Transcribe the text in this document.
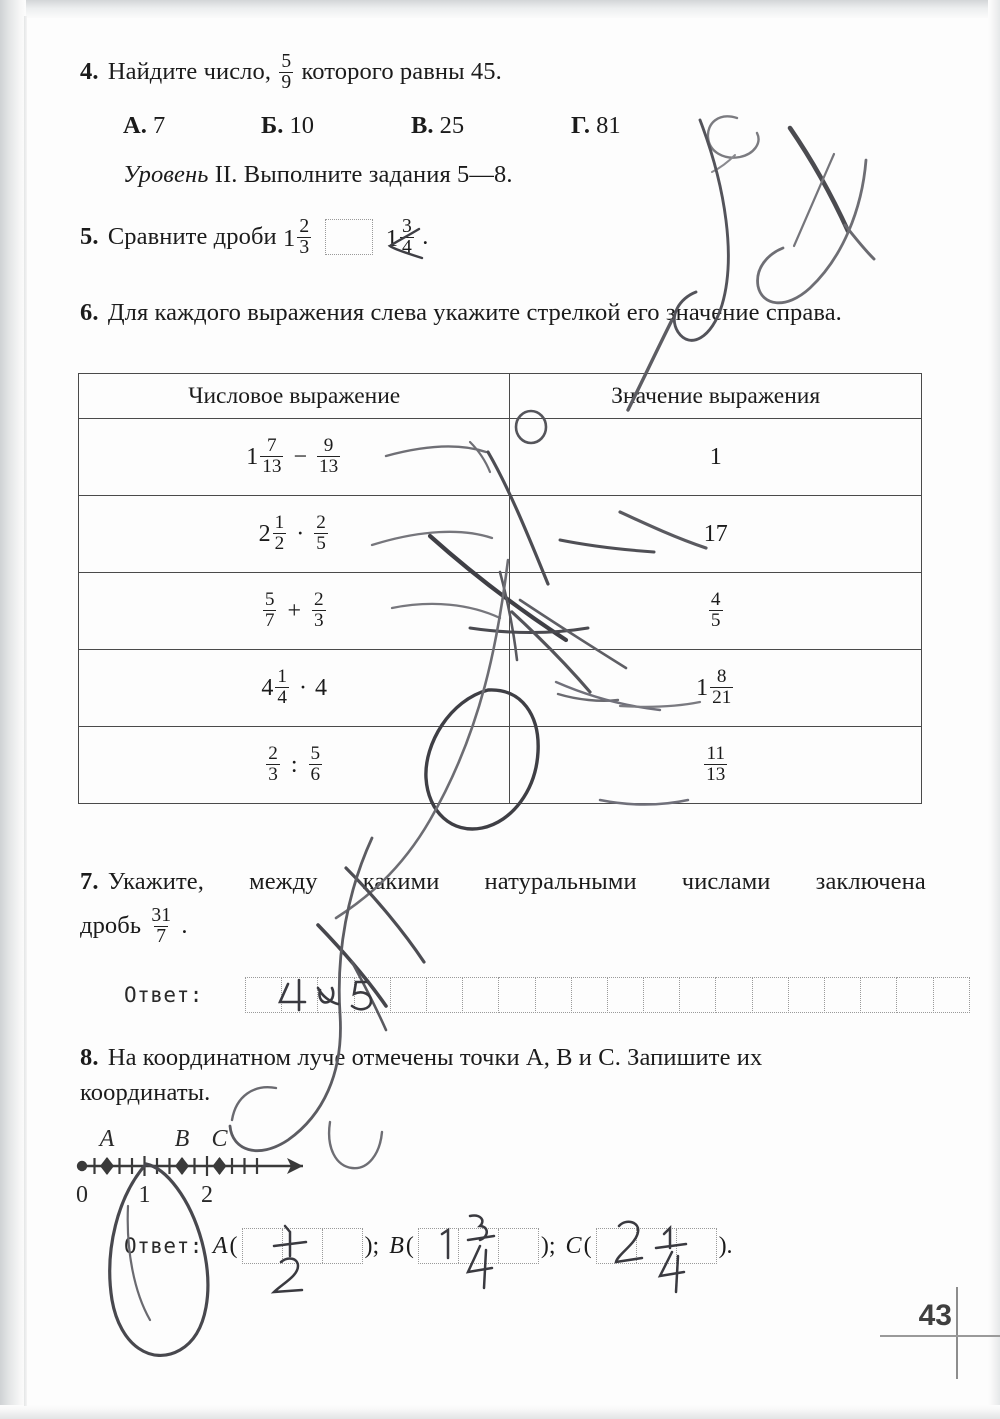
4. Найдите число, $\frac{5}{9}$ которого равны 45.
А. 7	Б. 10	В. 25	Г. 81
Уровень II. Выполните задания 5—8.
5. Сравните дроби $1 \frac{2}{3}$
	$1 \frac{3}{4}$ .
6. Для каждого выражения слева укажите стрелкой его значение справа.
Числовое выражение	Значение выражения

$1 \frac{7}{13} - \frac{9}{13}$	1

$2 \frac{1}{2} \cdot \frac{2}{5}$	17

$\frac{5}{7} + \frac{2}{3}$	$\frac{4}{5}$

$4 \frac{1}{4} \cdot 4$	$1 \frac{8}{21}$

$\frac{2}{3}$ : $\frac{5}{6}$	$\frac{11}{13}$
7. Укажите, между какими натуральными числами заключена
дробь $\frac{31}{7}$ .
Ответ:
8. На координатном луче отмечены точки A, B и C. Запишите их
координаты.
0 1 2
A	B C
Ответ: A (	); B (	); C (	).
43
